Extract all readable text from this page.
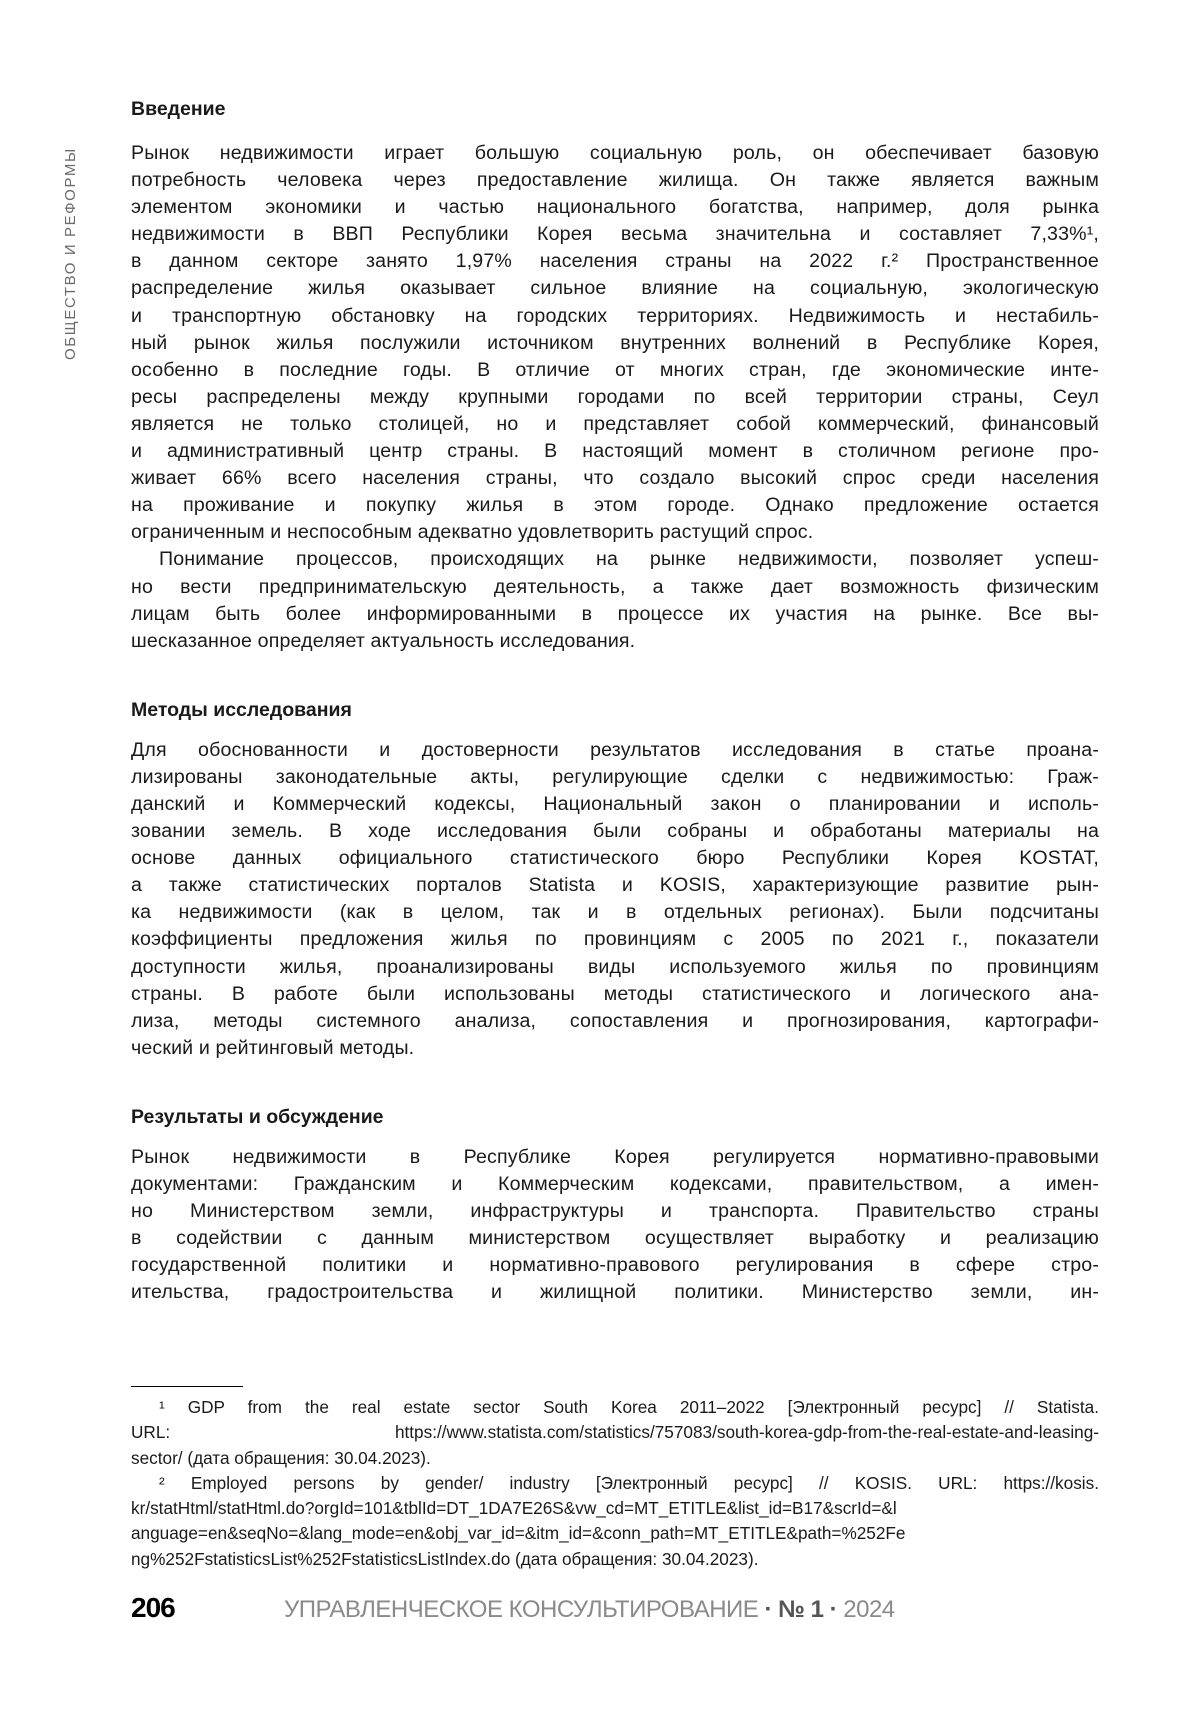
ОБЩЕСТВО И РЕФОРМЫ
Введение
Рынок недвижимости играет большую социальную роль, он обеспечивает базовую
потребность человека через предоставление жилища. Он также является важным
элементом экономики и частью национального богатства, например, доля рынка
недвижимости в ВВП Республики Корея весьма значительна и составляет 7,33%¹,
в данном секторе занято 1,97% населения страны на 2022 г.² Пространственное
распределение жилья оказывает сильное влияние на социальную, экологическую
и транспортную обстановку на городских территориях. Недвижимость и нестабиль-
ный рынок жилья послужили источником внутренних волнений в Республике Корея,
особенно в последние годы. В отличие от многих стран, где экономические инте-
ресы распределены между крупными городами по всей территории страны, Сеул
является не только столицей, но и представляет собой коммерческий, финансовый
и административный центр страны. В настоящий момент в столичном регионе про-
живает 66% всего населения страны, что создало высокий спрос среди населения
на проживание и покупку жилья в этом городе. Однако предложение остается
ограниченным и неспособным адекватно удовлетворить растущий спрос.
Понимание процессов, происходящих на рынке недвижимости, позволяет успеш-
но вести предпринимательскую деятельность, а также дает возможность физическим
лицам быть более информированными в процессе их участия на рынке. Все вы-
шесказанное определяет актуальность исследования.
Методы исследования
Для обоснованности и достоверности результатов исследования в статье проана-
лизированы законодательные акты, регулирующие сделки с недвижимостью: Граж-
данский и Коммерческий кодексы, Национальный закон о планировании и исполь-
зовании земель. В ходе исследования были собраны и обработаны материалы на
основе данных официального статистического бюро Республики Корея KOSTAT,
а также статистических порталов Statista и KOSIS, характеризующие развитие рын-
ка недвижимости (как в целом, так и в отдельных регионах). Были подсчитаны
коэффициенты предложения жилья по провинциям с 2005 по 2021 г., показатели
доступности жилья, проанализированы виды используемого жилья по провинциям
страны. В работе были использованы методы статистического и логического ана-
лиза, методы системного анализа, сопоставления и прогнозирования, картографи-
ческий и рейтинговый методы.
Результаты и обсуждение
Рынок недвижимости в Республике Корея регулируется нормативно-правовыми
документами: Гражданским и Коммерческим кодексами, правительством, а имен-
но Министерством земли, инфраструктуры и транспорта. Правительство страны
в содействии с данным министерством осуществляет выработку и реализацию
государственной политики и нормативно-правового регулирования в сфере стро-
ительства, градостроительства и жилищной политики. Министерство земли, ин-
¹ GDP from the real estate sector South Korea 2011–2022 [Электронный ресурс] // Statista.
URL: https://www.statista.com/statistics/757083/south-korea-gdp-from-the-real-estate-and-leasing-
sector/ (дата обращения: 30.04.2023).
² Employed persons by gender/ industry [Электронный ресурс] // KOSIS. URL: https://kosis.
kr/statHtml/statHtml.do?orgId=101&tblId=DT_1DA7E26S&vw_cd=MT_ETITLE&list_id=B17&scrId=&l
anguage=en&seqNo=&lang_mode=en&obj_var_id=&itm_id=&conn_path=MT_ETITLE&path=%252Fe
ng%252FstatisticsList%252FstatisticsListIndex.do (дата обращения: 30.04.2023).
206	УПРАВЛЕНЧЕСКОЕ КОНСУЛЬТИРОВАНИЕ · № 1 · 2024
